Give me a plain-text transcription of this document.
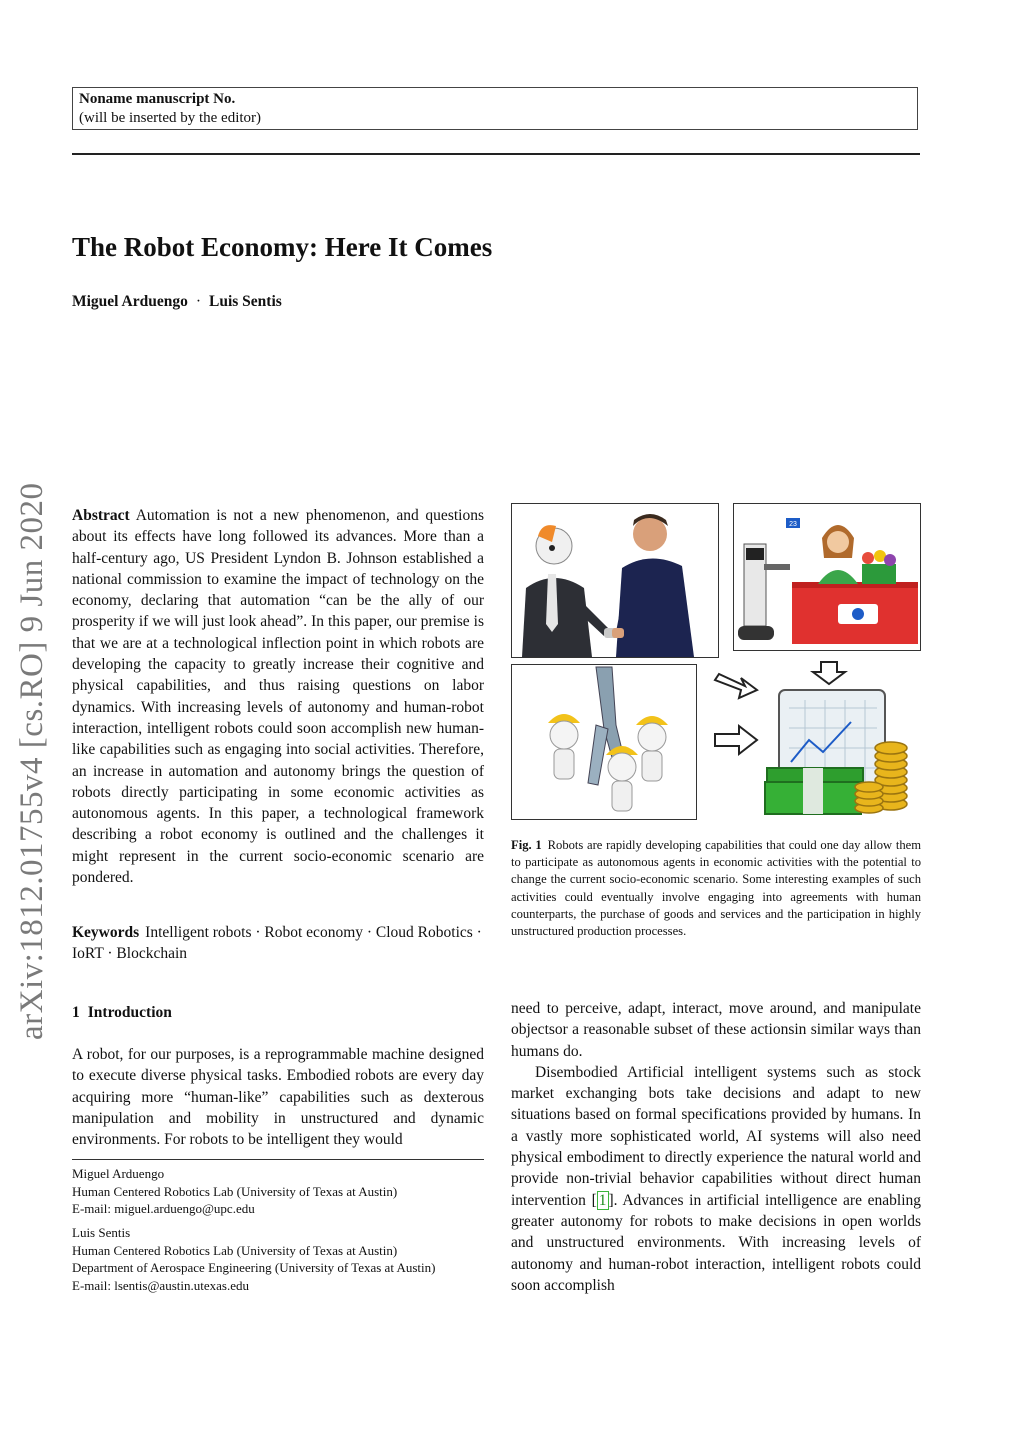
Noname manuscript No.
(will be inserted by the editor)
The Robot Economy: Here It Comes
Miguel Arduengo · Luis Sentis
arXiv:1812.01755v4 [cs.RO] 9 Jun 2020 Abstract Automation is not a new phenomenon, and questions about its effects have long followed its advances. More than a half-century ago, US President Lyndon B. Johnson established a national commission to examine the impact of technology on the economy, declaring that automation “can be the ally of our prosperity if we will just look ahead”. In this paper, our premise is that we are at a technological inflection point in which robots are developing the capacity to greatly increase their cognitive and physical capabilities, and thus raising questions on labor dynamics. With increasing levels of autonomy and human-robot interaction, intelligent robots could soon accomplish new human-like capabilities such as engaging into social activities. Therefore, an increase in automation and autonomy brings the question of robots directly participating in some economic activities as autonomous agents. In this paper, a technological framework describing a robot economy is outlined and the challenges it might represent in the current socio-economic scenario are pondered.

Keywords Intelligent robots · Robot economy · Cloud Robotics · IoRT · Blockchain

1 Introduction

A robot, for our purposes, is a reprogrammable machine designed to execute diverse physical tasks. Embodied robots are every day acquiring more “human-like” capabilities such as dexterous manipulation and mobility in unstructured and dynamic environments. For robots to be intelligent they would

Miguel Arduengo

Human Centered Robotics Lab (University of Texas at Austin)

E-mail: miguel.arduengo@upc.edu

Luis Sentis

Human Centered Robotics Lab (University of Texas at Austin)

Department of Aerospace Engineering (University of Texas at Austin)

E-mail: lsentis@austin.utexas.edu

23
Fig. 1 Robots are rapidly developing capabilities that could one day allow them to participate as autonomous agents in economic activities with the potential to change the current socio-economic scenario. Some interesting examples of such activities could eventually involve engaging into agreements with human counterparts, the purchase of goods and services and the participation in highly unstructured production processes.

need to perceive, adapt, interact, move around, and manipulate objectsor a reasonable subset of these actionsin similar ways than humans do.

Disembodied Artificial intelligent systems such as stock market exchanging bots take decisions and adapt to new situations based on formal specifications provided by humans. In a vastly more sophisticated world, AI systems will also need physical embodiment to directly experience the natural world and provide non-trivial behavior capabilities without direct human intervention [ 1 ]. Advances in artificial intelligence are enabling greater autonomy for robots to make decisions in open worlds and unstructured environments. With increasing levels of autonomy and human-robot interaction, intelligent robots could soon accomplish
